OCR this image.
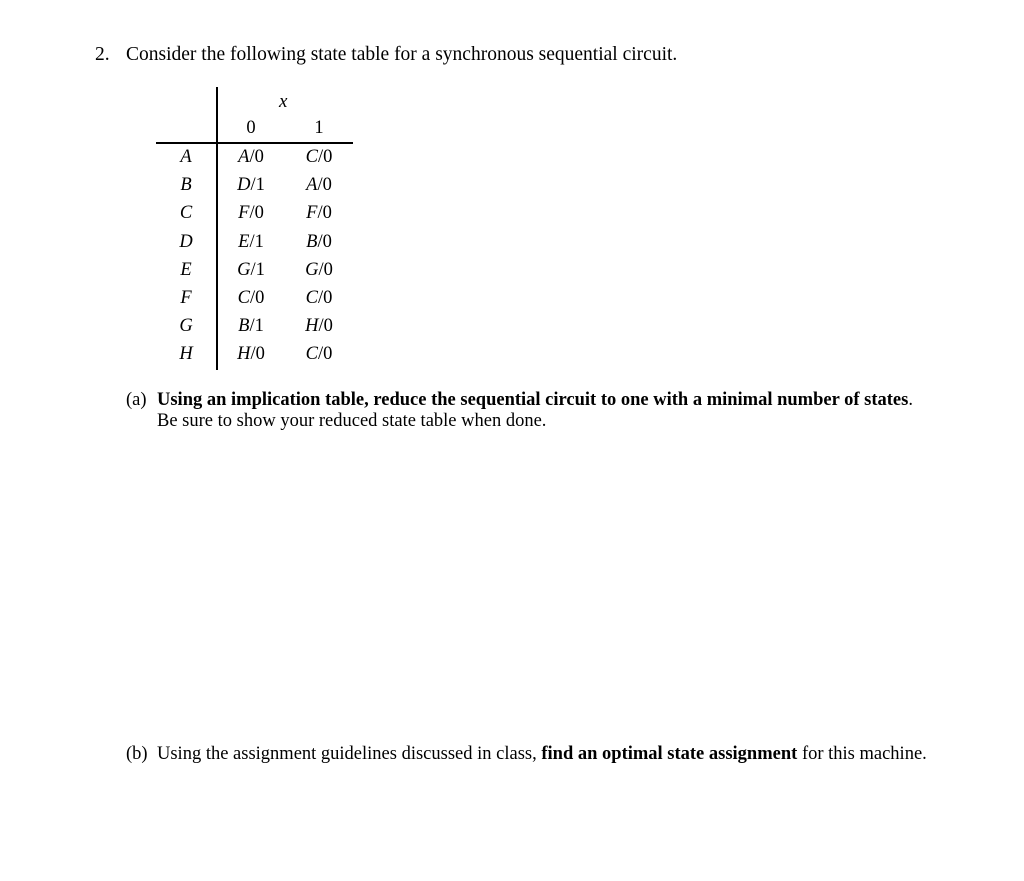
2. Consider the following state table for a synchronous sequential circuit.
x
0	1
A	A/0	C/0
B	D/1	A/0
C	F/0	F/0
D	E/1	B/0
E	G/1	G/0
F	C/0	C/0
G	B/1	H/0
H	H/0	C/0
(a) Using an implication table, reduce the sequential circuit to one with a minimal number of states.
Be sure to show your reduced state table when done.
(b) Using the assignment guidelines discussed in class, find an optimal state assignment for this machine.
